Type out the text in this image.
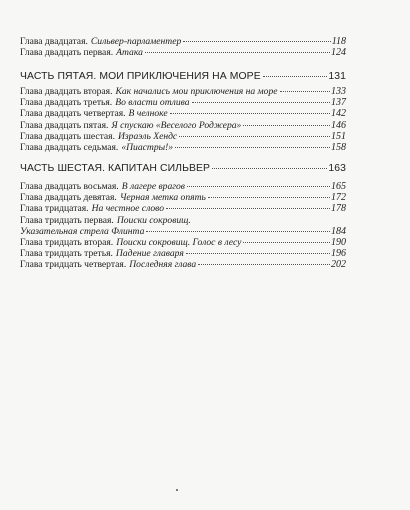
Глава двадцатая. Сильвер-парламентер	118
Глава двадцать первая. Атака	124
ЧАСТЬ ПЯТАЯ. МОИ ПРИКЛЮЧЕНИЯ НА МОРЕ	131
Глава двадцать вторая. Как начались мои приключения на море	133
Глава двадцать третья. Во власти отлива	137
Глава двадцать четвертая. В челноке	142
Глава двадцать пятая. Я спускаю «Веселого Роджера»	146
Глава двадцать шестая. Израэль Хендс	151
Глава двадцать седьмая. «Пиастры!»	158
ЧАСТЬ ШЕСТАЯ. КАПИТАН СИЛЬВЕР	163
Глава двадцать восьмая. В лагере врагов	165
Глава двадцать девятая. Черная метка опять	172
Глава тридцатая. На честное слово	178
Глава тридцать первая. Поиски сокровищ.
Указательная стрела Флинта	184
Глава тридцать вторая. Поиски сокровищ. Голос в лесу	190
Глава тридцать третья. Падение главаря	196
Глава тридцать четвертая. Последняя глава	202
